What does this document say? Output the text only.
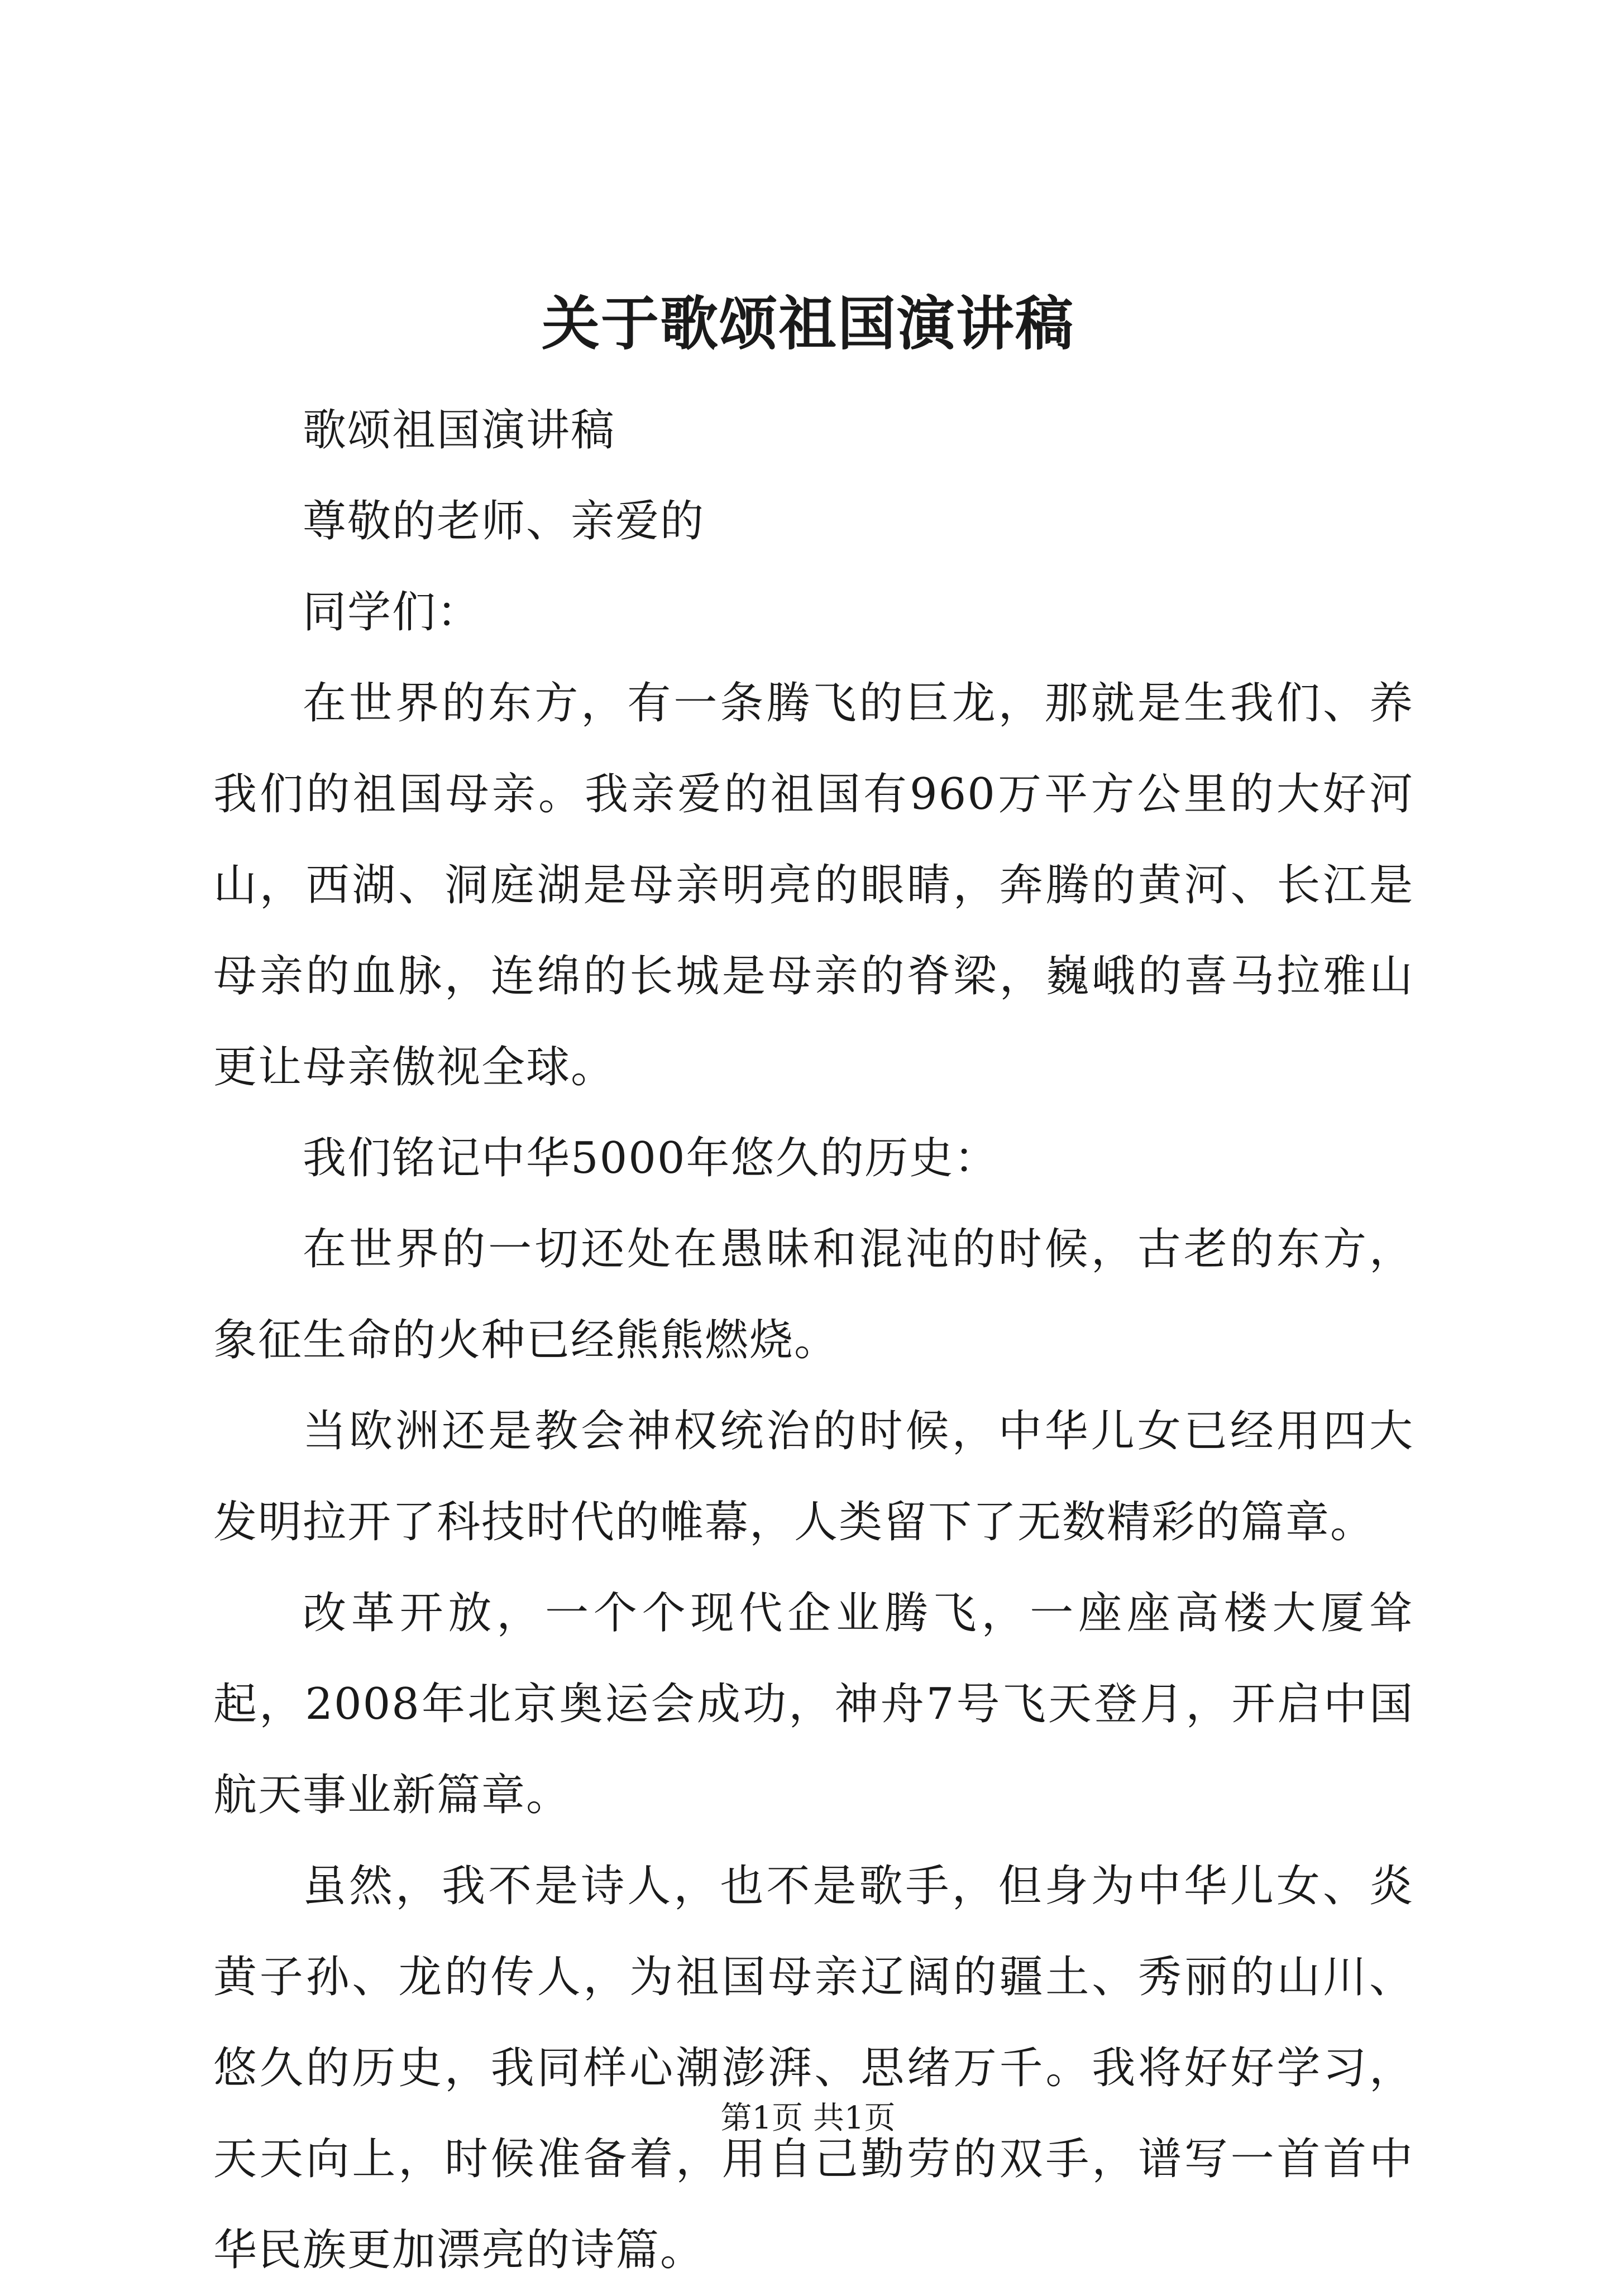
关于歌颂祖国演讲稿

歌颂祖国演讲稿

尊敬的老师、亲爱的

同学们：

在世界的东方，有一条腾飞的巨龙，那就是生我们、养我们的祖国母亲。我亲爱的祖国有960万平方公里的大好河山，西湖、洞庭湖是母亲明亮的眼睛，奔腾的黄河、长江是母亲的血脉，连绵的长城是母亲的脊梁，巍峨的喜马拉雅山更让母亲傲视全球。

我们铭记中华5000年悠久的历史：

在世界的一切还处在愚昧和混沌的时候，古老的东方，象征生命的火种已经熊熊燃烧。

当欧洲还是教会神权统治的时候，中华儿女已经用四大发明拉开了科技时代的帷幕，人类留下了无数精彩的篇章。

改革开放，一个个现代企业腾飞，一座座高楼大厦耸起，2008年北京奥运会成功，神舟7号飞天登月，开启中国航天事业新篇章。

虽然，我不是诗人，也不是歌手，但身为中华儿女、炎黄子孙、龙的传人，为祖国母亲辽阔的疆土、秀丽的山川、悠久的历史，我同样心潮澎湃、思绪万千。我将好好学习，天天向上，时候准备着，用自己勤劳的双手，谱写一首首中华民族更加漂亮的诗篇。

第1页 共1页
